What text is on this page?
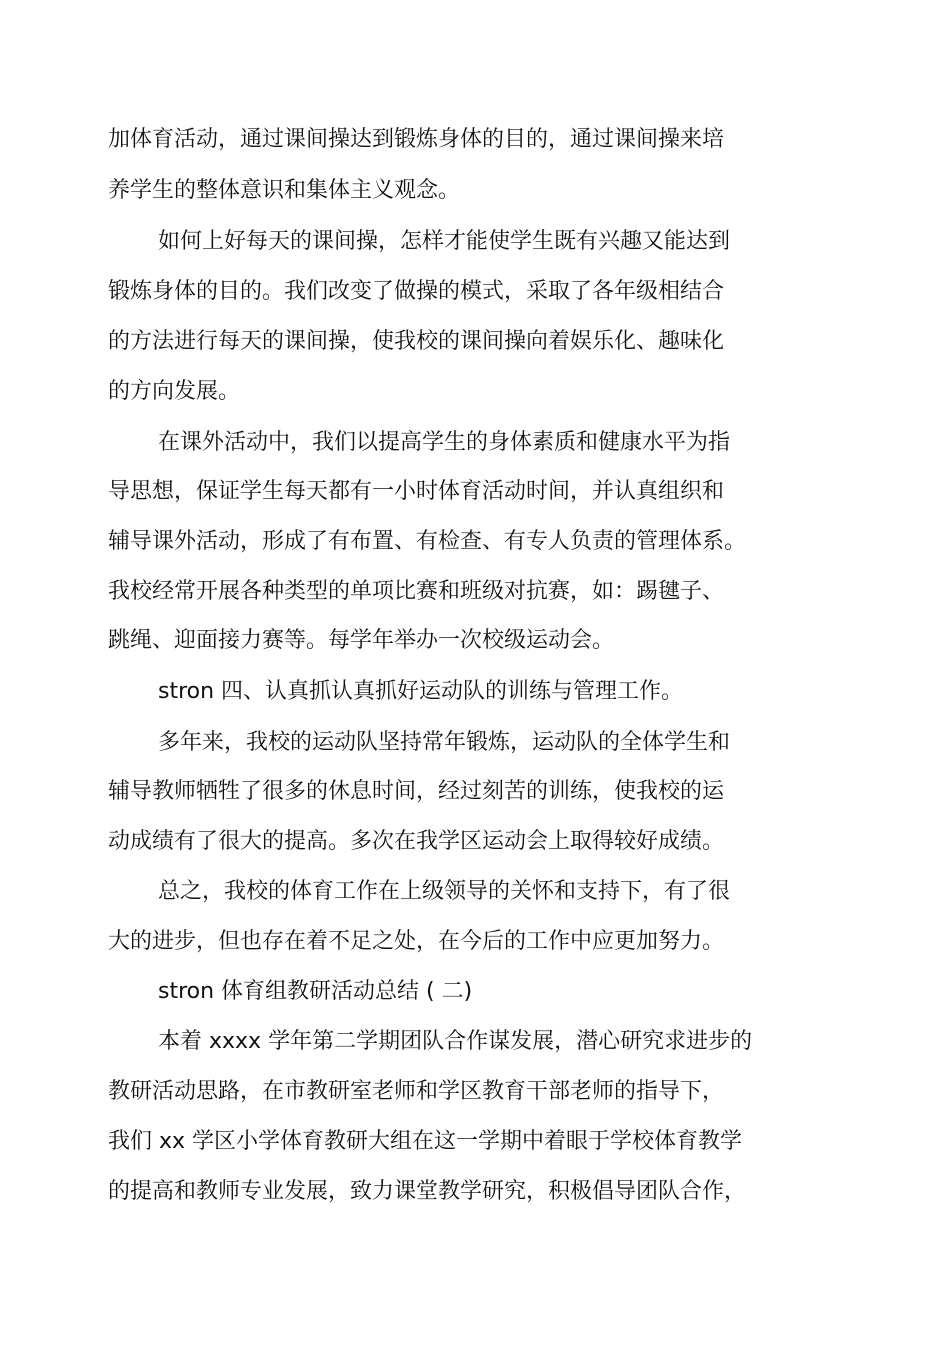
加体育活动，通过课间操达到锻炼身体的目的，通过课间操来培
养学生的整体意识和集体主义观念。
如何上好每天的课间操，怎样才能使学生既有兴趣又能达到
锻炼身体的目的。我们改变了做操的模式，采取了各年级相结合
的方法进行每天的课间操，使我校的课间操向着娱乐化、趣味化
的方向发展。
在课外活动中，我们以提高学生的身体素质和健康水平为指
导思想，保证学生每天都有一小时体育活动时间，并认真组织和
辅导课外活动，形成了有布置、有检查、有专人负责的管理体系。
我校经常开展各种类型的单项比赛和班级对抗赛，如：踢毽子、
跳绳、迎面接力赛等。每学年举办一次校级运动会。
stron 四、认真抓认真抓好运动队的训练与管理工作。
多年来，我校的运动队坚持常年锻炼，运动队的全体学生和
辅导教师牺牲了很多的休息时间，经过刻苦的训练，使我校的运
动成绩有了很大的提高。多次在我学区运动会上取得较好成绩。
总之，我校的体育工作在上级领导的关怀和支持下，有了很
大的进步，但也存在着不足之处，在今后的工作中应更加努力。
stron 体育组教研活动总结 ( 二)
本着 xxxx 学年第二学期团队合作谋发展，潜心研究求进步的
教研活动思路，在市教研室老师和学区教育干部老师的指导下，
我们 xx 学区小学体育教研大组在这一学期中着眼于学校体育教学
的提高和教师专业发展，致力课堂教学研究，积极倡导团队合作，
